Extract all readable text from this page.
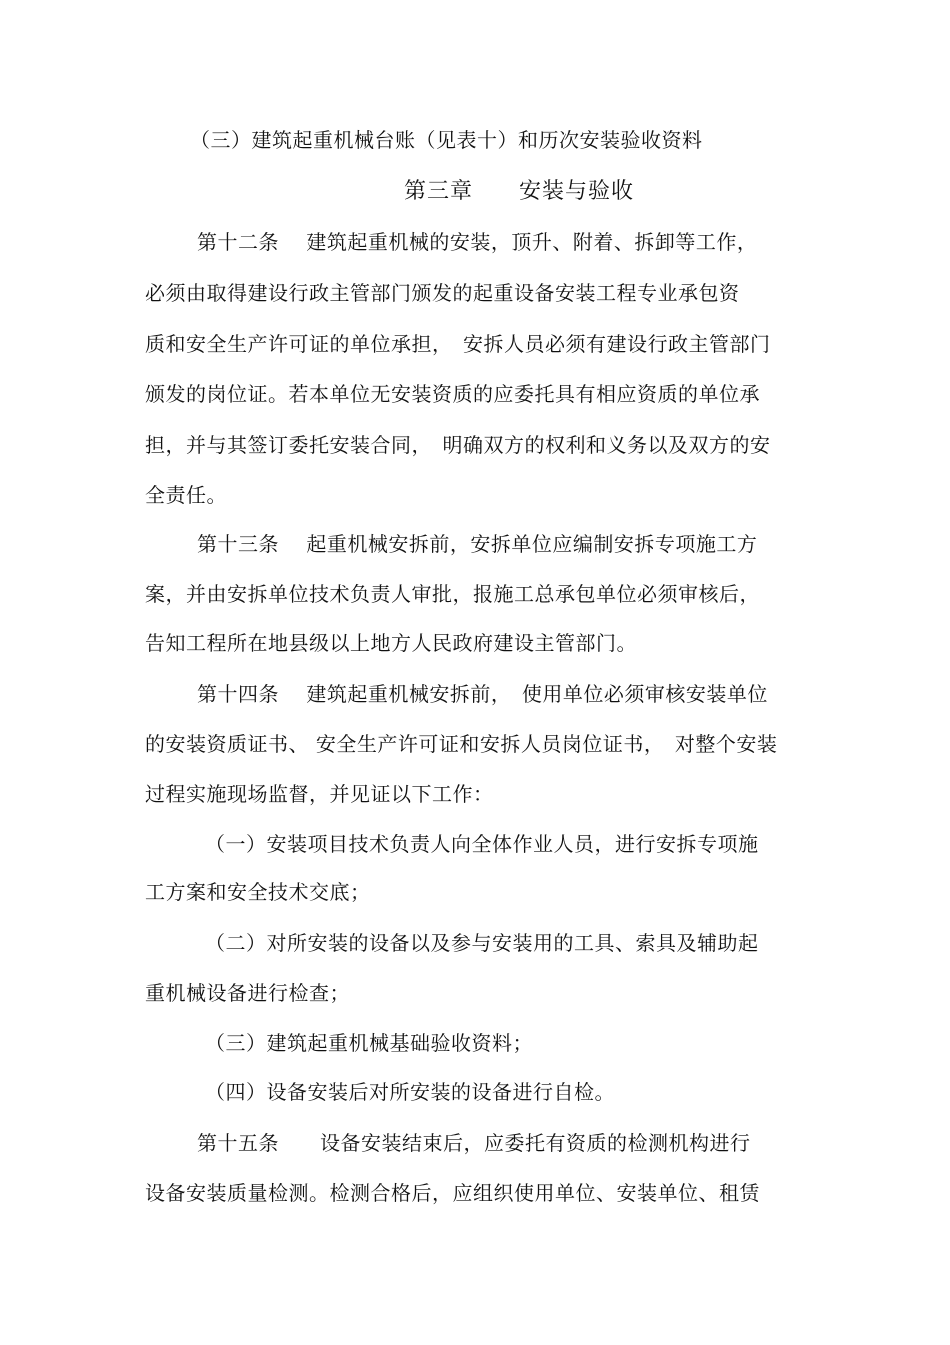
（三）建筑起重机械台账（见表十）和历次安装验收资料
第三章　　安装与验收
第十二条　 建筑起重机械的安装，顶升、附着、拆卸等工作，
必须由取得建设行政主管部门颁发的起重设备安装工程专业承包资
质和安全生产许可证的单位承担，　安拆人员必须有建设行政主管部门
颁发的岗位证。若本单位无安装资质的应委托具有相应资质的单位承
担，并与其签订委托安装合同，　明确双方的权利和义务以及双方的安
全责任。
第十三条　 起重机械安拆前，安拆单位应编制安拆专项施工方
案，并由安拆单位技术负责人审批，报施工总承包单位必须审核后，
告知工程所在地县级以上地方人民政府建设主管部门。
第十四条　 建筑起重机械安拆前，　使用单位必须审核安装单位
的安装资质证书、 安全生产许可证和安拆人员岗位证书，　对整个安装
过程实施现场监督，并见证以下工作：
（一）安装项目技术负责人向全体作业人员，进行安拆专项施
工方案和安全技术交底；
（二）对所安装的设备以及参与安装用的工具、索具及辅助起
重机械设备进行检查；
（三）建筑起重机械基础验收资料；
（四）设备安装后对所安装的设备进行自检。
第十五条　　设备安装结束后，应委托有资质的检测机构进行
设备安装质量检测。检测合格后，应组织使用单位、安装单位、租赁
